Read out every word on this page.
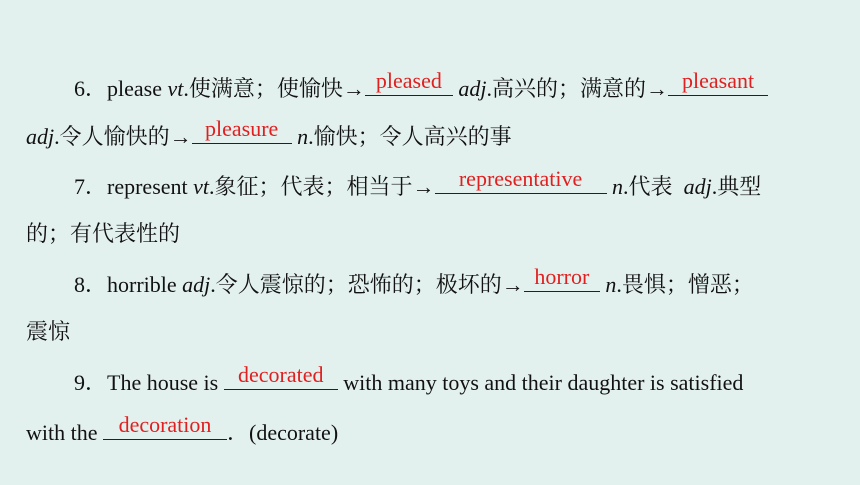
6．please vt.使满意；使愉快→ pleased adj.高兴的；满意的→ pleasant
adj.令人愉快的→ pleasure n.愉快；令人高兴的事
7．represent vt.象征；代表；相当于→	representative	n.代表  adj.典型
的；有代表性的
8．horrible adj.令人震惊的；恐怖的；极坏的→ horror n.畏惧；憎恶；
震惊
9．The house is decorated with many toys and their daughter is satisfied
with the decoration ．(decorate)
